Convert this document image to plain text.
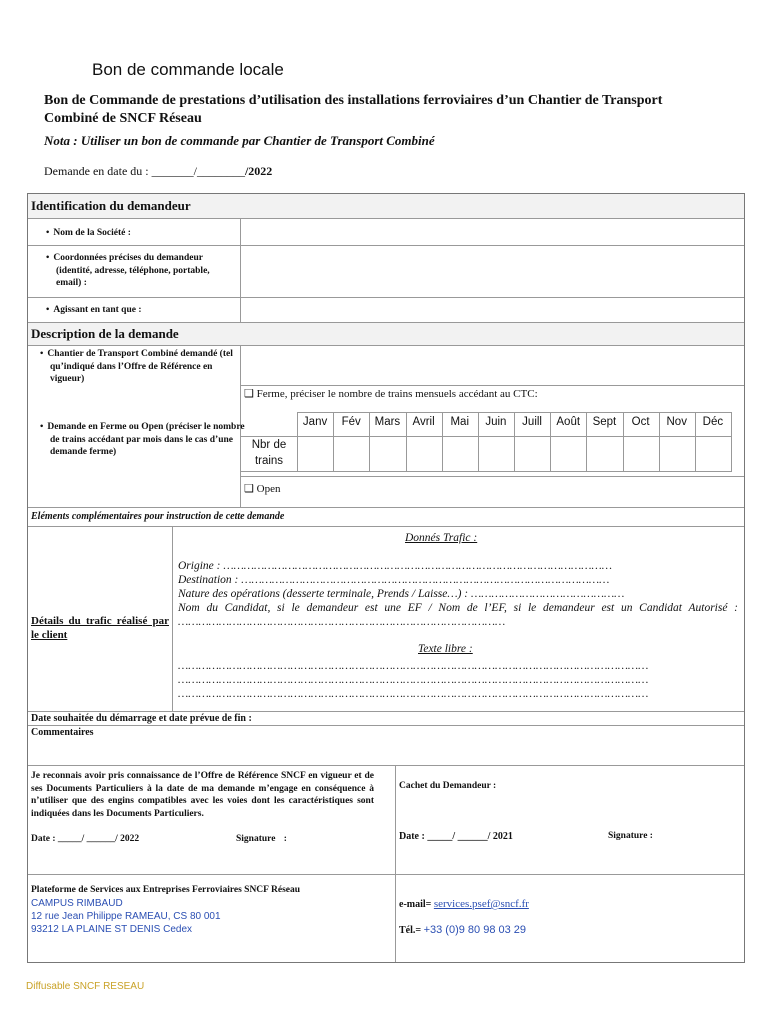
Bon de commande locale
Bon de Commande de prestations d’utilisation des installations ferroviaires d’un Chantier de Transport Combiné de SNCF Réseau
Nota : Utiliser un bon de commande par Chantier de Transport Combiné
Demande en date du : _______/________/2022
Identification du demandeur
• Nom de la Société :
• Coordonnées précises du demandeur (identité, adresse, téléphone, portable, email) :
• Agissant en tant que :
Description de la demande
• Chantier de Transport Combiné demandé (tel qu’indiqué dans l’Offre de Référence en vigueur)
❑ Ferme, préciser le nombre de trains mensuels accédant au CTC:
• Demande en Ferme ou Open (préciser le nombre de trains accédant par mois dans le cas d’une demande ferme)
Janv	Fév	Mars	Avril	Mai	Juin	Juill	Août	Sept	Oct	Nov	Déc
Nbr de
trains
❑ Open
Eléments complémentaires pour instruction de cette demande
Détails du trafic réalisé par le client
Donnés Trafic :
Origine : ……………………………………………………………………………………………………
Destination : ………………………………………………………………………………………………
Nature des opérations (desserte terminale, Prends / Laisse…) : ………………………………………
Nom du Candidat, si le demandeur est une EF / Nom de l’EF, si le demandeur est un Candidat Autorisé : ……………………………………………………………………………………
Texte libre :
…………………………………………………………………………………………………………………………
…………………………………………………………………………………………………………………………
…………………………………………………………………………………………………………………………
Date souhaitée du démarrage et date prévue de fin :
Commentaires
Je reconnais avoir pris connaissance de l’Offre de Référence SNCF en vigueur et de ses Documents Particuliers à la date de ma demande m’engage en conséquence à n’utiliser que des engins compatibles avec les voies dont les caractéristiques sont indiquées dans les Documents Particuliers.
Date : _____/ ______/ 2022	Signature :
Cachet du Demandeur :
Date : _____/ ______/ 2021	Signature :
Plateforme de Services aux Entreprises Ferroviaires SNCF Réseau
CAMPUS RIMBAUD
12 rue Jean Philippe RAMEAU, CS 80 001
93212 LA PLAINE ST DENIS Cedex
e-mail= services.psef@sncf.fr
Tél.= +33 (0)9 80 98 03 29
Diffusable SNCF RESEAU
